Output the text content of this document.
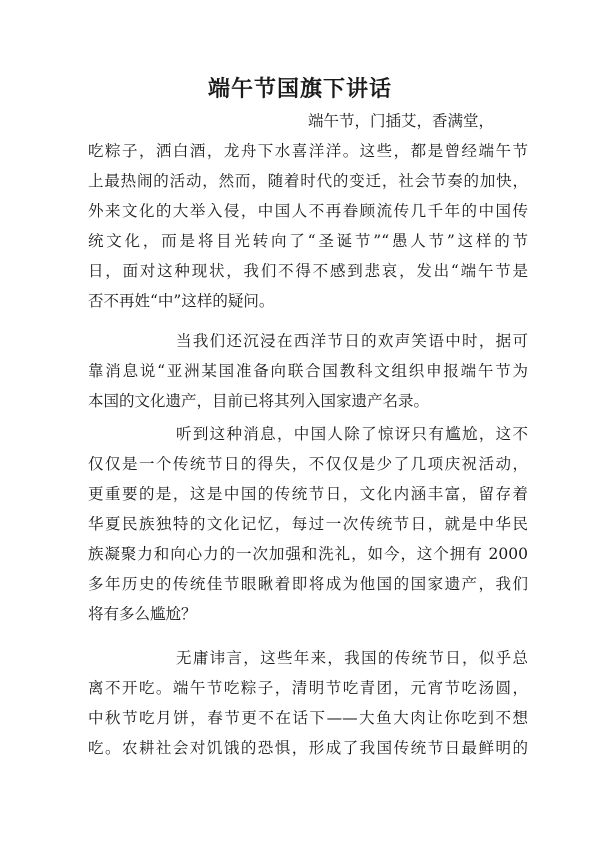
端午节国旗下讲话
端午节，门插艾，香满堂，
吃粽子，洒白酒，龙舟下水喜洋洋。这些，都是曾经端午节
上最热闹的活动，然而，随着时代的变迁，社会节奏的加快，
外来文化的大举入侵，中国人不再眷顾流传几千年的中国传
统文化，而是将目光转向了“圣诞节”“愚人节”这样的节
日，面对这种现状，我们不得不感到悲哀，发出“端午节是
否不再姓“中”这样的疑问。
当我们还沉浸在西洋节日的欢声笑语中时，据可
靠消息说“亚洲某国准备向联合国教科文组织申报端午节为
本国的文化遗产，目前已将其列入国家遗产名录。
听到这种消息，中国人除了惊讶只有尴尬，这不
仅仅是一个传统节日的得失，不仅仅是少了几项庆祝活动，
更重要的是，这是中国的传统节日，文化内涵丰富，留存着
华夏民族独特的文化记忆，每过一次传统节日，就是中华民
族凝聚力和向心力的一次加强和洗礼，如今，这个拥有 2000
多年历史的传统佳节眼瞅着即将成为他国的国家遗产，我们
将有多么尴尬？
无庸讳言，这些年来，我国的传统节日，似乎总
离不开吃。端午节吃粽子，清明节吃青团，元宵节吃汤圆，
中秋节吃月饼，春节更不在话下——大鱼大肉让你吃到不想
吃。农耕社会对饥饿的恐惧，形成了我国传统节日最鲜明的
